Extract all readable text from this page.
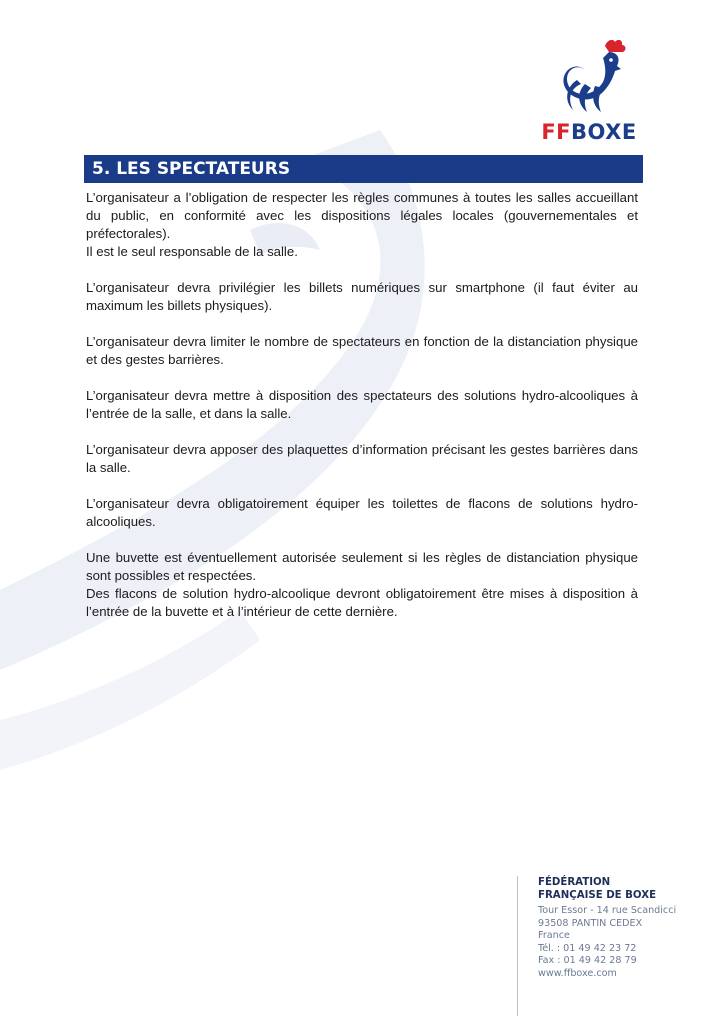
FFBOXE
5. LES SPECTATEURS

L’organisateur a l’obligation de respecter les règles communes à toutes les salles accueillant du public, en conformité avec les dispositions légales locales (gouvernementales et préfectorales).
Il est le seul responsable de la salle.

L’organisateur devra privilégier les billets numériques sur smartphone (il faut éviter au maximum les billets physiques).

L’organisateur devra limiter le nombre de spectateurs en fonction de la distanciation physique et des gestes barrières.

L’organisateur devra mettre à disposition des spectateurs des solutions hydro-alcooliques à l’entrée de la salle, et dans la salle.

L’organisateur devra apposer des plaquettes d’information précisant les gestes barrières dans la salle.

L’organisateur devra obligatoirement équiper les toilettes de flacons de solutions hydro-alcooliques.

Une buvette est éventuellement autorisée seulement si les règles de distanciation physique sont possibles et respectées.
Des flacons de solution hydro-alcoolique devront obligatoirement être mises à disposition à l’entrée de la buvette et à l’intérieur de cette dernière.

FÉDÉRATION
FRANÇAISE DE BOXE
Tour Essor - 14 rue Scandicci
93508 PANTIN CEDEX
France
Tél. : 01 49 42 23 72
Fax : 01 49 42 28 79
www.ffboxe.com
